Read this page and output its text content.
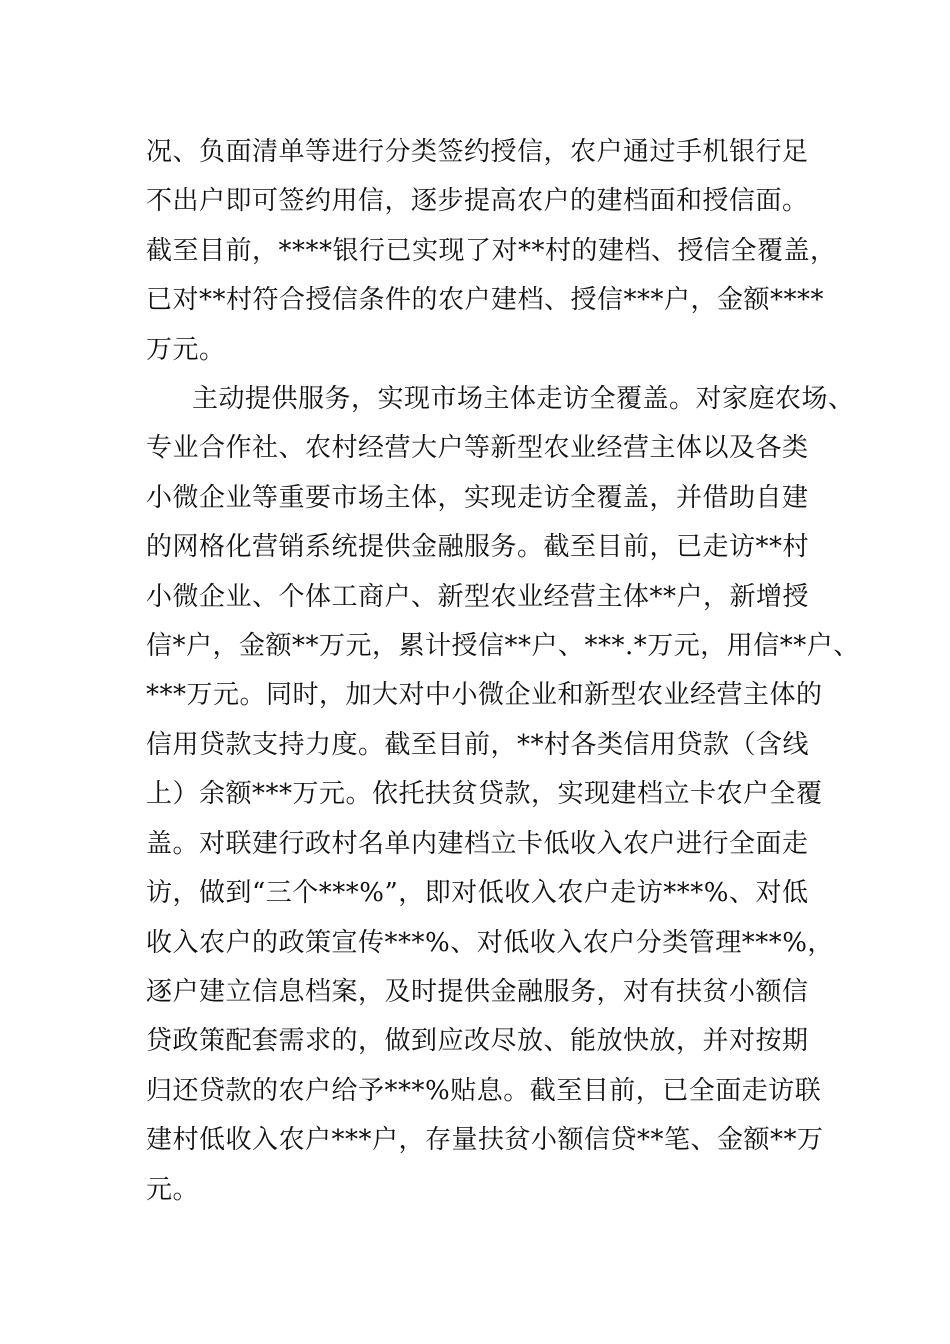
况、负面清单等进行分类签约授信，农户通过手机银行足
不出户即可签约用信，逐步提高农户的建档面和授信面。
截至目前，****银行已实现了对**村的建档、授信全覆盖，
已对**村符合授信条件的农户建档、授信***户，金额****
万元。
主动提供服务，实现市场主体走访全覆盖。对家庭农场、
专业合作社、农村经营大户等新型农业经营主体以及各类
小微企业等重要市场主体，实现走访全覆盖，并借助自建
的网格化营销系统提供金融服务。截至目前，已走访**村
小微企业、个体工商户、新型农业经营主体**户，新增授
信*户，金额**万元，累计授信**户、***.*万元，用信**户、
***万元。同时，加大对中小微企业和新型农业经营主体的
信用贷款支持力度。截至目前，**村各类信用贷款（含线
上）余额***万元。依托扶贫贷款，实现建档立卡农户全覆
盖。对联建行政村名单内建档立卡低收入农户进行全面走
访，做到“三个***%”，即对低收入农户走访***%、对低
收入农户的政策宣传***%、对低收入农户分类管理***%，
逐户建立信息档案，及时提供金融服务，对有扶贫小额信
贷政策配套需求的，做到应改尽放、能放快放，并对按期
归还贷款的农户给予***%贴息。截至目前，已全面走访联
建村低收入农户***户，存量扶贫小额信贷**笔、金额**万
元。
